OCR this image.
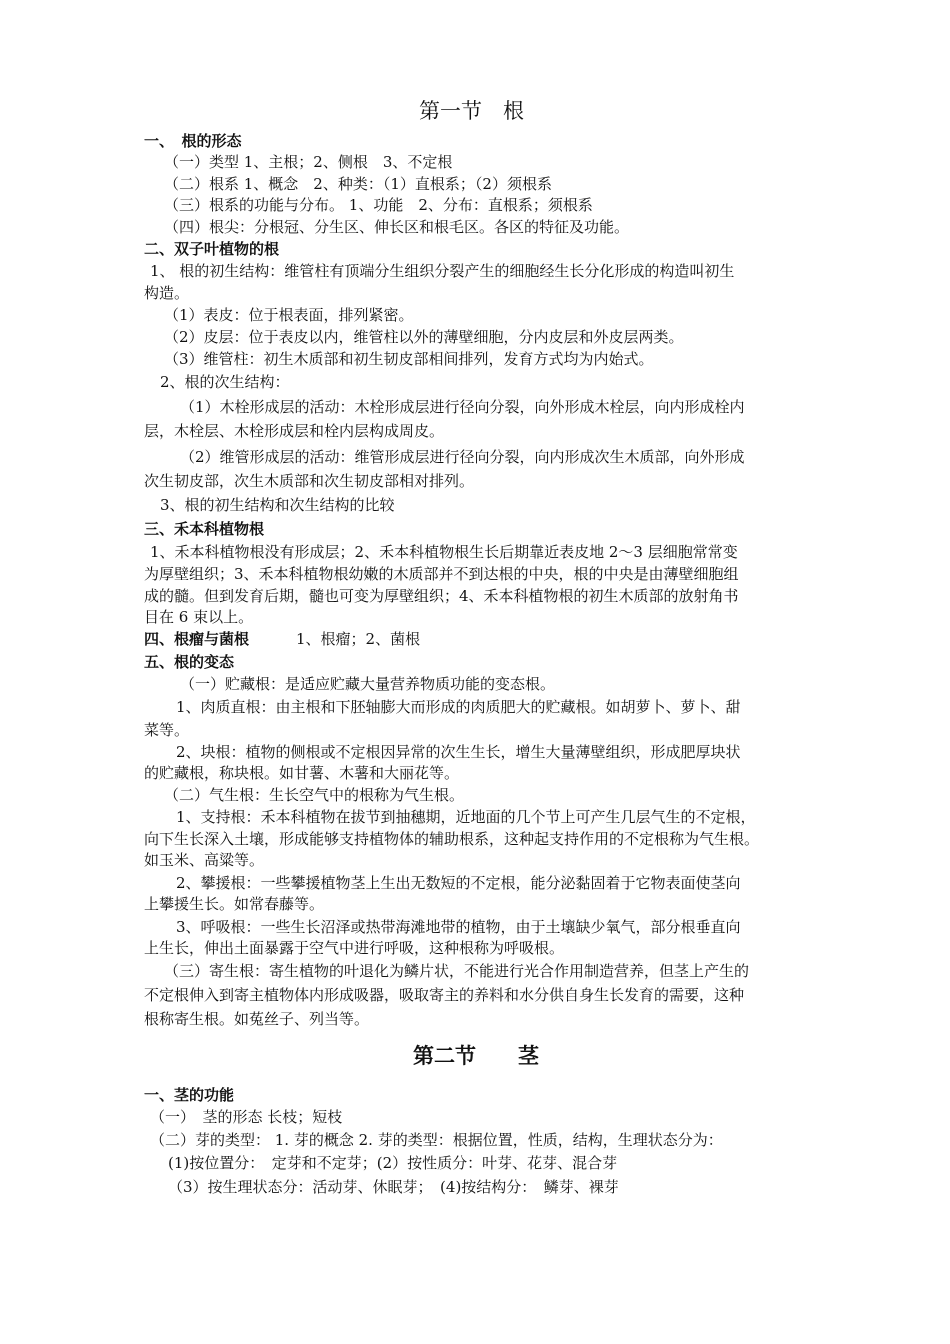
第一节　根
一、　根的形态
（一）类型 1、主根；2、侧根　3、不定根
（二）根系 1、概念　2、种类：（1）直根系；（2）须根系
（三）根系的功能与分布。 1、功能　2、分布：直根系；须根系
（四）根尖：分根冠、分生区、伸长区和根毛区。各区的特征及功能。
二、双子叶植物的根
1、 根的初生结构：维管柱有顶端分生组织分裂产生的细胞经生长分化形成的构造叫初生
构造。
（1）表皮：位于根表面，排列紧密。
（2）皮层：位于表皮以内，维管柱以外的薄壁细胞，分内皮层和外皮层两类。
（3）维管柱：初生木质部和初生韧皮部相间排列，发育方式均为内始式。
2、根的次生结构：
（1）木栓形成层的活动：木栓形成层进行径向分裂，向外形成木栓层，向内形成栓内
层，木栓层、木栓形成层和栓内层构成周皮。
（2）维管形成层的活动：维管形成层进行径向分裂，向内形成次生木质部，向外形成
次生韧皮部，次生木质部和次生韧皮部相对排列。
3、根的初生结构和次生结构的比较
三、禾本科植物根
1、禾本科植物根没有形成层；2、禾本科植物根生长后期靠近表皮地 2～3 层细胞常常变
为厚壁组织；3、禾本科植物根幼嫩的木质部并不到达根的中央，根的中央是由薄壁细胞组
成的髓。但到发育后期，髓也可变为厚壁组织；4、禾本科植物根的初生木质部的放射角书
目在 6 束以上。
四、根瘤与菌根	1、根瘤；2、菌根
五、根的变态
（一）贮藏根：是适应贮藏大量营养物质功能的变态根。
1、肉质直根：由主根和下胚轴膨大而形成的肉质肥大的贮藏根。如胡萝卜、萝卜、甜
菜等。
2、块根：植物的侧根或不定根因异常的次生生长，增生大量薄壁组织，形成肥厚块状
的贮藏根，称块根。如甘薯、木薯和大丽花等。
（二）气生根：生长空气中的根称为气生根。
1、支持根：禾本科植物在拔节到抽穗期，近地面的几个节上可产生几层气生的不定根，
向下生长深入土壤，形成能够支持植物体的辅助根系，这种起支持作用的不定根称为气生根。
如玉米、高粱等。
2、攀援根：一些攀援植物茎上生出无数短的不定根，能分泌黏固着于它物表面使茎向
上攀援生长。如常春藤等。
3、呼吸根：一些生长沼泽或热带海滩地带的植物，由于土壤缺少氧气，部分根垂直向
上生长，伸出土面暴露于空气中进行呼吸，这种根称为呼吸根。
（三）寄生根：寄生植物的叶退化为鳞片状，不能进行光合作用制造营养，但茎上产生的
不定根伸入到寄主植物体内形成吸器，吸取寄主的养料和水分供自身生长发育的需要，这种
根称寄生根。如菟丝子、列当等。
第二节　　茎
一、茎的功能
（一）　茎的形态 长枝；短枝
（二）芽的类型： 1. 芽的概念 2. 芽的类型：根据位置，性质，结构，生理状态分为：
(1)按位置分：　定芽和不定芽；(2）按性质分：叶芽、花芽、混合芽
（3）按生理状态分：活动芽、休眠芽；　(4)按结构分：　鳞芽、裸芽
